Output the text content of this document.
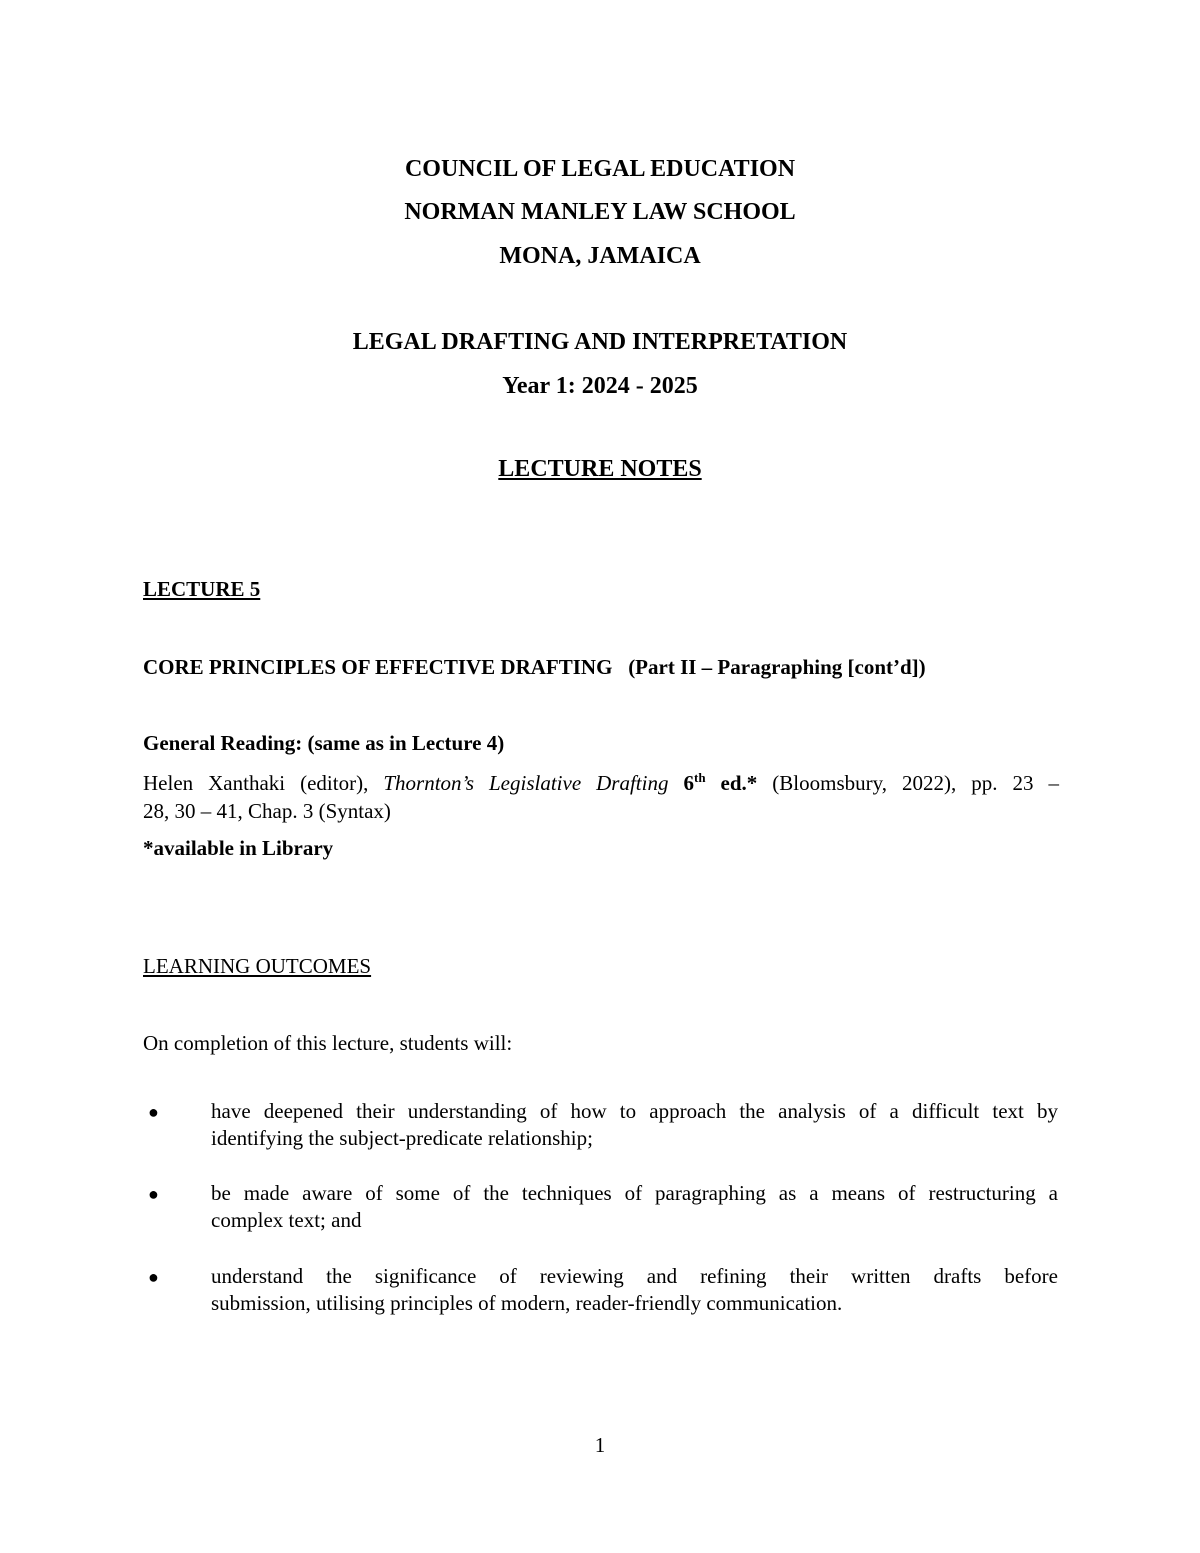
COUNCIL OF LEGAL EDUCATION
NORMAN MANLEY LAW SCHOOL
MONA, JAMAICA
LEGAL DRAFTING AND INTERPRETATION
Year 1: 2024 - 2025
LECTURE NOTES
LECTURE 5
CORE PRINCIPLES OF EFFECTIVE DRAFTING (Part II – Paragraphing [cont’d])
General Reading: (same as in Lecture 4)
Helen Xanthaki (editor), Thornton’s Legislative Drafting 6th ed.* (Bloomsbury, 2022), pp. 23 –
28, 30 – 41, Chap. 3 (Syntax)
*available in Library
LEARNING OUTCOMES
On completion of this lecture, students will:
● have deepened their understanding of how to approach the analysis of a difficult text by
identifying the subject-predicate relationship;
● be made aware of some of the techniques of paragraphing as a means of restructuring a
complex text; and
● understand the significance of reviewing and refining their written drafts before
submission, utilising principles of modern, reader-friendly communication.
1
